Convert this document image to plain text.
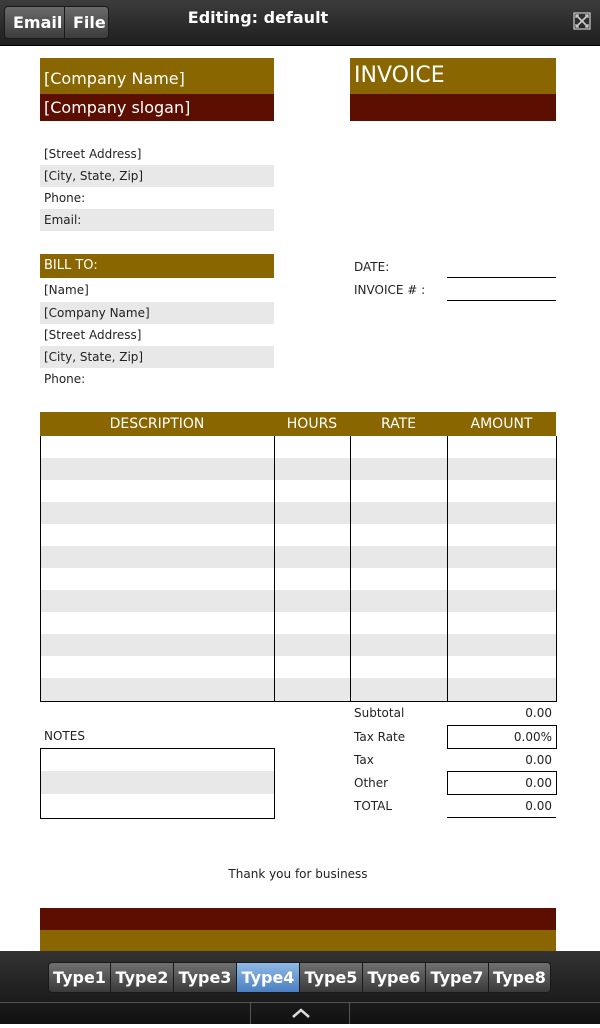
Email File	Editing: default
[Company Name]
[Company slogan]
INVOICE
[Street Address]
[City, State, Zip]
Phone:
Email:
BILL TO:
[Name]
[Company Name]
[Street Address]
[City, State, Zip]
Phone:
DATE:
INVOICE # :
DESCRIPTION	HOURS	RATE	AMOUNT
Subtotal	0.00
Tax Rate	0.00%
Tax	0.00
Other	0.00
TOTAL	0.00
NOTES
Thank you for business
Type1 Type2 Type3 Type4 Type5 Type6 Type7 Type8
